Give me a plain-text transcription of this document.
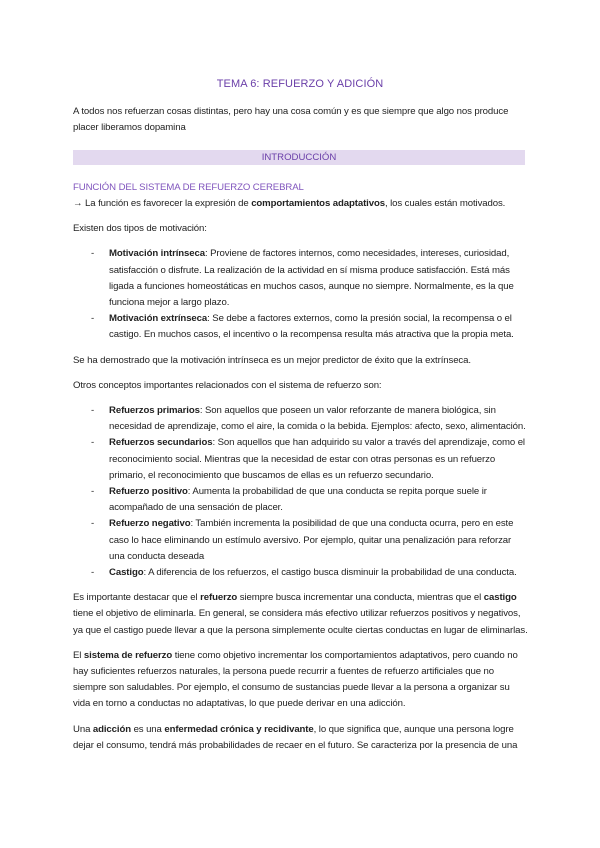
TEMA 6: REFUERZO Y ADICIÓN

A todos nos refuerzan cosas distintas, pero hay una cosa común y es que siempre que algo nos produce placer liberamos dopamina

INTRODUCCIÓN

FUNCIÓN DEL SISTEMA DE REFUERZO CEREBRAL

→ La función es favorecer la expresión de comportamientos adaptativos, los cuales están motivados.

Existen dos tipos de motivación:

- Motivación intrínseca: Proviene de factores internos, como necesidades, intereses, curiosidad, satisfacción o disfrute. La realización de la actividad en sí misma produce satisfacción. Está más ligada a funciones homeostáticas en muchos casos, aunque no siempre. Normalmente, es la que funciona mejor a largo plazo.
- Motivación extrínseca: Se debe a factores externos, como la presión social, la recompensa o el castigo. En muchos casos, el incentivo o la recompensa resulta más atractiva que la propia meta.

Se ha demostrado que la motivación intrínseca es un mejor predictor de éxito que la extrínseca.

Otros conceptos importantes relacionados con el sistema de refuerzo son:

- Refuerzos primarios: Son aquellos que poseen un valor reforzante de manera biológica, sin necesidad de aprendizaje, como el aire, la comida o la bebida. Ejemplos: afecto, sexo, alimentación.
- Refuerzos secundarios: Son aquellos que han adquirido su valor a través del aprendizaje, como el reconocimiento social. Mientras que la necesidad de estar con otras personas es un refuerzo primario, el reconocimiento que buscamos de ellas es un refuerzo secundario.
- Refuerzo positivo: Aumenta la probabilidad de que una conducta se repita porque suele ir acompañado de una sensación de placer.
- Refuerzo negativo: También incrementa la posibilidad de que una conducta ocurra, pero en este caso lo hace eliminando un estímulo aversivo. Por ejemplo, quitar una penalización para reforzar una conducta deseada
- Castigo: A diferencia de los refuerzos, el castigo busca disminuir la probabilidad de una conducta.

Es importante destacar que el refuerzo siempre busca incrementar una conducta, mientras que el castigo tiene el objetivo de eliminarla. En general, se considera más efectivo utilizar refuerzos positivos y negativos, ya que el castigo puede llevar a que la persona simplemente oculte ciertas conductas en lugar de eliminarlas.

El sistema de refuerzo tiene como objetivo incrementar los comportamientos adaptativos, pero cuando no hay suficientes refuerzos naturales, la persona puede recurrir a fuentes de refuerzo artificiales que no siempre son saludables. Por ejemplo, el consumo de sustancias puede llevar a la persona a organizar su vida en torno a conductas no adaptativas, lo que puede derivar en una adicción.

Una adicción es una enfermedad crónica y recidivante, lo que significa que, aunque una persona logre dejar el consumo, tendrá más probabilidades de recaer en el futuro. Se caracteriza por la presencia de una
